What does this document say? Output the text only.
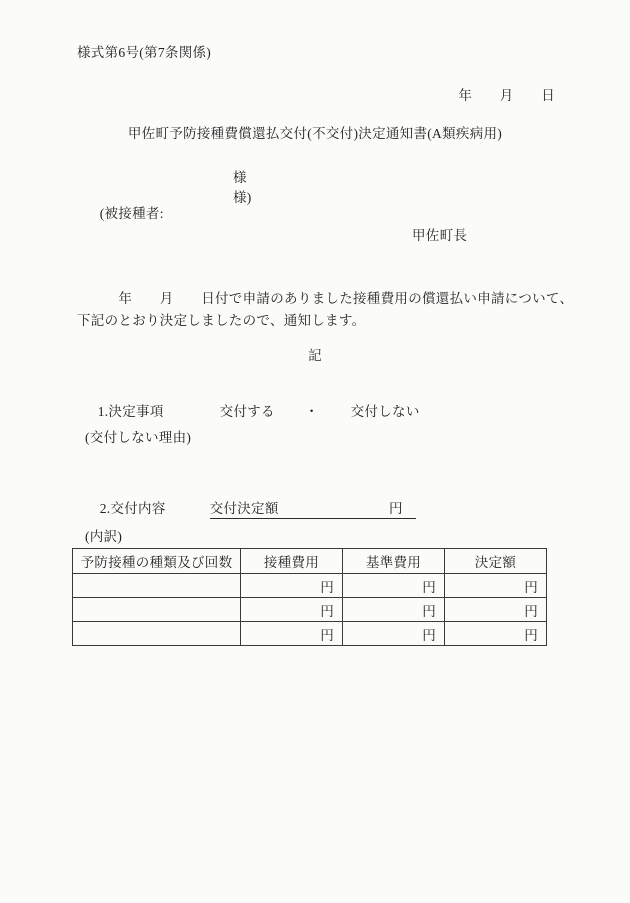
様式第6号(第7条関係)
年　　月　　日
甲佐町予防接種費償還払交付(不交付)決定通知書(A類疾病用)
様

(被接種者:

様)

甲佐町長
　　　年　　月　　日付で申請のありました接種費用の償還払い申請について、
下記のとおり決定しましたので、通知します。
記

1.決定事項	交付する ・ 交付しない

(交付しない理由)

2.交付内容	交付決定額　　　　　　　　円

(内訳)
予防接種の種類及び回数	接種費用	基準費用	決定額
	円	円	円
	円	円	円
	円	円	円
